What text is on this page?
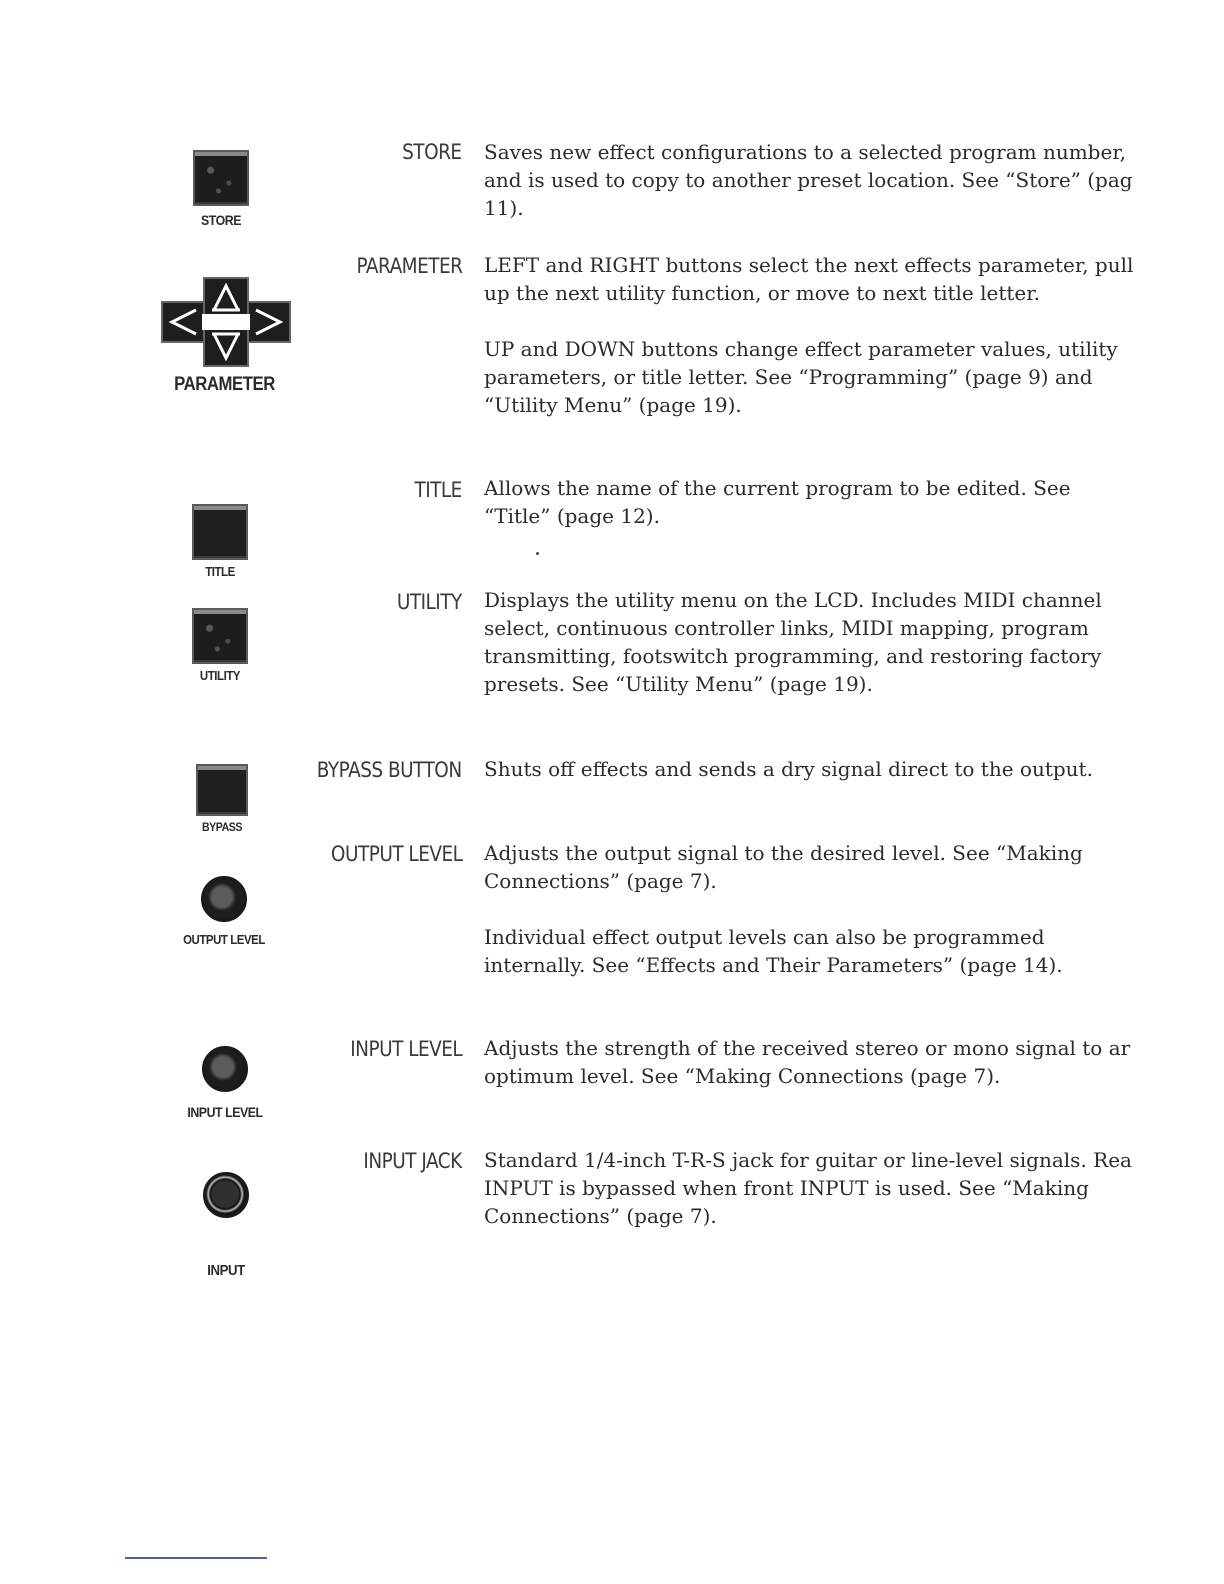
STORE
STORE Saves new effect configurations to a selected program number,
and is used to copy to another preset location. See “Store” (pag
11).
PARAMETER
PARAMETER LEFT and RIGHT buttons select the next effects parameter, pull
up the next utility function, or move to next title letter.
UP and DOWN buttons change effect parameter values, utility
parameters, or title letter. See “Programming” (page 9) and
“Utility Menu” (page 19).
TITLE
TITLE Allows the name of the current program to be edited. See
“Title” (page 12).
UTILITY
UTILITY Displays the utility menu on the LCD. Includes MIDI channel
select, continuous controller links, MIDI mapping, program
transmitting, footswitch programming, and restoring factory
presets. See “Utility Menu” (page 19).
BYPASS
BYPASS BUTTON Shuts off effects and sends a dry signal direct to the output.
OUTPUT LEVEL
OUTPUT LEVEL Adjusts the output signal to the desired level. See “Making
Connections” (page 7).
Individual effect output levels can also be programmed
internally. See “Effects and Their Parameters” (page 14).
INPUT LEVEL
INPUT LEVEL Adjusts the strength of the received stereo or mono signal to ar
optimum level. See “Making Connections (page 7).
INPUT
INPUT JACK Standard 1/4-inch T-R-S jack for guitar or line-level signals. Rea
INPUT is bypassed when front INPUT is used. See “Making
Connections” (page 7).
